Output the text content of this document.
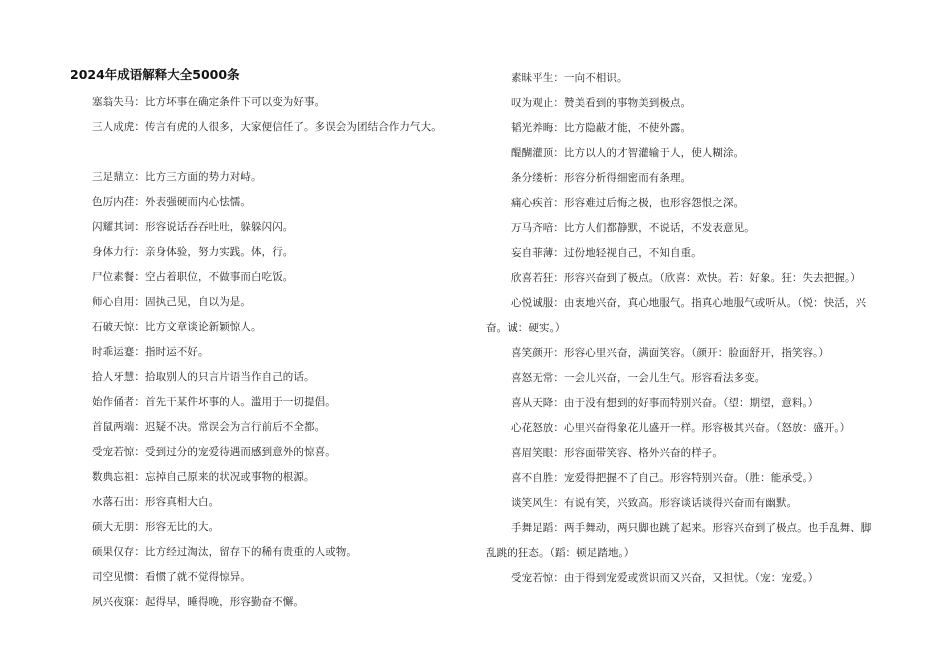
2024年成语解释大全5000条

塞翁失马：比方坏事在确定条件下可以变为好事。

三人成虎：传言有虎的人很多，大家便信任了。多误会为团结合作力气大。

三足鼎立：比方三方面的势力对峙。

色厉内荏：外表强硬而内心怯懦。

闪耀其词：形容说话吞吞吐吐，躲躲闪闪。

身体力行：亲身体验，努力实践。体，行。

尸位素餐：空占着职位，不做事而白吃饭。

师心自用：固执己见，自以为是。

石破天惊：比方文章谈论新颖惊人。

时乖运蹇：指时运不好。

拾人牙慧：拾取别人的只言片语当作自己的话。

始作俑者：首先干某件坏事的人。滥用于一切提倡。

首鼠两端：迟疑不决。常误会为言行前后不全都。

受宠若惊：受到过分的宠爱待遇而感到意外的惊喜。

数典忘祖：忘掉自己原来的状况或事物的根源。

水落石出：形容真相大白。

硕大无朋：形容无比的大。

硕果仅存：比方经过淘汰，留存下的稀有贵重的人或物。

司空见惯：看惯了就不觉得惊异。

夙兴夜寐：起得早，睡得晚，形容勤奋不懈。

素昧平生：一向不相识。

叹为观止：赞美看到的事物美到极点。

韬光养晦：比方隐蔽才能，不使外露。

醍醐灌顶：比方以人的才智灌输于人，使人糊涂。

条分缕析：形容分析得细密而有条理。

痛心疾首：形容难过后悔之极，也形容怨恨之深。

万马齐喑：比方人们都静默，不说话，不发表意见。

妄自菲薄：过份地轻视自己，不知自重。

欣喜若狂：形容兴奋到了极点。（欣喜：欢快。若：好象。狂：失去把握。）

心悦诚服：由衷地兴奋，真心地服气。指真心地服气或听从。（悦：快活，兴奋。诚：硬实。）

喜笑颜开：形容心里兴奋，满面笑容。（颜开：脸面舒开，指笑容。）

喜怒无常：一会儿兴奋，一会儿生气。形容看法多变。

喜从天降：由于没有想到的好事而特别兴奋。（望：期望，意料。）

心花怒放：心里兴奋得象花儿盛开一样。形容极其兴奋。（怒放：盛开。）

喜眉笑眼：形容面带笑容、格外兴奋的样子。

喜不自胜：宠爱得把握不了自己。形容特别兴奋。（胜：能承受。）

谈笑风生：有说有笑，兴致高。形容谈话谈得兴奋而有幽默。

手舞足蹈：两手舞动，两只脚也跳了起来。形容兴奋到了极点。也手乱舞、脚乱跳的狂态。（蹈：顿足踏地。）

受宠若惊：由于得到宠爱或赏识而又兴奋，又担忧。（宠：宠爱。）
